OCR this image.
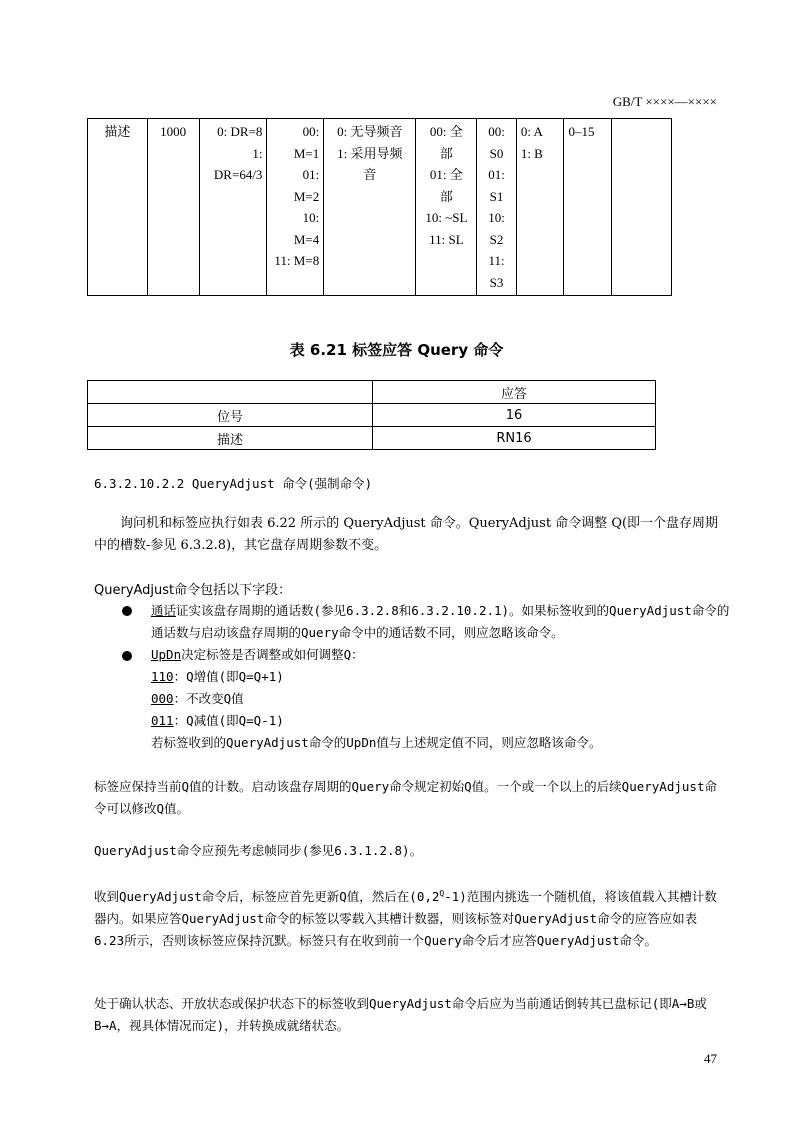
GB/T ××××—××××
描述	1000	0: DR=8
1:
DR=64/3	00:
M=1
01:
M=2
10:
M=4
11: M=8	0: 无导频音
1: 采用导频
音	00: 全
部
01: 全
部
10: ~SL
11: SL	00:
S0
01:
S1
10:
S2
11:
S3	0: A
1: B	0–15	
表 6.21 标签应答 Query 命令
	应答
位号	16
描述	RN16
6.3.2.10.2.2 QueryAdjust 命令(强制命令)
询问机和标签应执行如表 6.22 所示的 QueryAdjust 命令。QueryAdjust 命令调整 Q(即一个盘存周期中的槽数-参见 6.3.2.8)，其它盘存周期参数不变。
QueryAdjust命令包括以下字段：
通话证实该盘存周期的通话数(参见6.3.2.8和6.3.2.10.2.1)。如果标签收到的QueryAdjust命令的通话数与启动该盘存周期的Query命令中的通话数不同，则应忽略该命令。
UpDn决定标签是否调整或如何调整Q：
110：Q增值(即Q=Q+1)
000：不改变Q值
011：Q减值(即Q=Q-1)
若标签收到的QueryAdjust命令的UpDn值与上述规定值不同，则应忽略该命令。
标签应保持当前Q值的计数。启动该盘存周期的Query命令规定初始Q值。一个或一个以上的后续QueryAdjust命令可以修改Q值。
QueryAdjust命令应预先考虑帧同步(参见6.3.1.2.8)。
收到QueryAdjust命令后，标签应首先更新Q值，然后在$(0,2^Q-1)$范围内挑选一个随机值，将该值载入其槽计数器内。如果应答QueryAdjust命令的标签以零载入其槽计数器，则该标签对QueryAdjust命令的应答应如表6.23所示，否则该标签应保持沉默。标签只有在收到前一个Query命令后才应答QueryAdjust命令。
处于确认状态、开放状态或保护状态下的标签收到QueryAdjust命令后应为当前通话倒转其已盘标记(即A→B或B→A，视具体情况而定)，并转换成就绪状态。
47
